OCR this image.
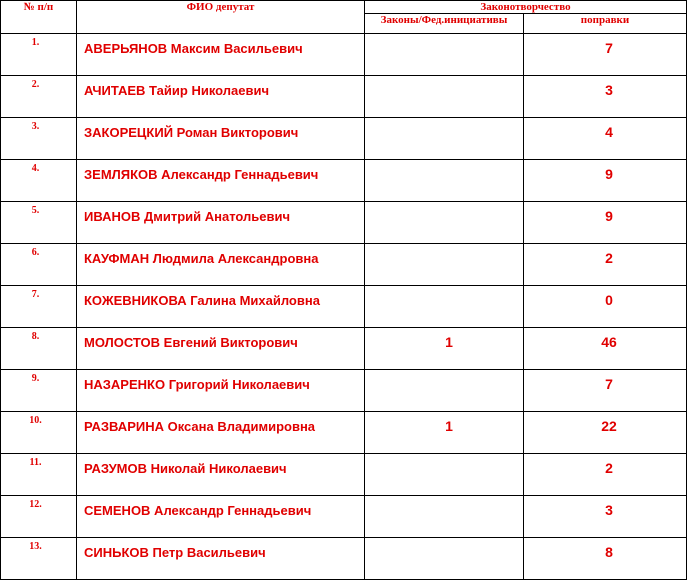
№ п/п	ФИО депутат	Законотворчество	
		Законы/Фед.инициативы	поправки
1.	АВЕРЬЯНОВ Максим Васильевич		7
2.	АЧИТАЕВ Тайир Николаевич		3
3.	ЗАКОРЕЦКИЙ Роман Викторович		4
4.	ЗЕМЛЯКОВ Александр Геннадьевич		9
5.	ИВАНОВ Дмитрий Анатольевич		9
6.	КАУФМАН Людмила Александровна		2
7.	КОЖЕВНИКОВА Галина Михайловна		0
8.	МОЛОСТОВ Евгений Викторович	1	46
9.	НАЗАРЕНКО Григорий Николаевич		7
10.	РАЗВАРИНА Оксана Владимировна	1	22
11.	РАЗУМОВ Николай Николаевич		2
12.	СЕМЕНОВ Александр Геннадьевич		3
13.	СИНЬКОВ Петр Васильевич		8
